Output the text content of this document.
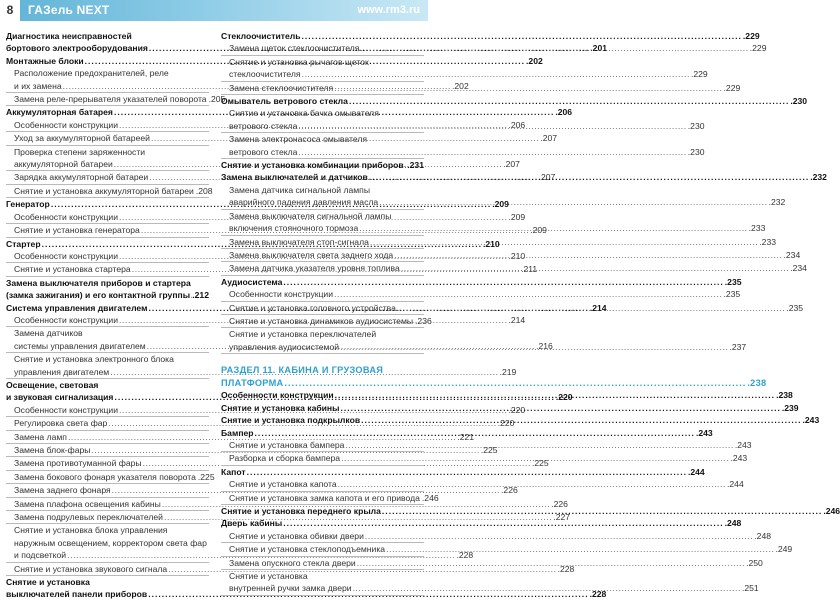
8	ГАЗель NEXT	www.rm3.ru
Диагностика неисправностей
бортового электрооборудования .....	.201
Монтажные блоки .....	.202
Расположение предохранителей, реле
и их замена .....	.202
Замена реле-прерывателя указателей поворота .205
Аккумуляторная батарея .....	.206
Особенности конструкции .....	.206
Уход за аккумуляторной батареей .....	.207
Проверка степени заряженности
аккумуляторной батареи .....	.207
Зарядка аккумуляторной батареи .....	.207
Снятие и установка аккумуляторной батареи .208
Генератор .....	.209
Особенности конструкции .....	.209
Снятие и установка генератора .....	.209
Стартер .....	.210
Особенности конструкции .....	.210
Снятие и установка стартера .....	.211
Замена выключателя приборов и стартера
(замка зажигания) и его контактной группы ..... .212
Система управления двигателем .....	.214
Особенности конструкции .....	.214
Замена датчиков
системы управления двигателем .....	.216
Снятие и установка электронного блока
управления двигателем .....	.219
Освещение, световая
и звуковая сигнализация .....	.220
Особенности конструкции .....	.220
Регулировка света фар .....	.220
Замена ламп .....	.221
Замена блок-фары .....	.225
Замена противотуманной фары .....	.225
Замена бокового фонаря указателя поворота .225
Замена заднего фонаря .....	.226
Замена плафона освещения кабины .....	.226
Замена подрулевых переключателей .....	.227
Снятие и установка блока управления
наружным освещением, корректором света фар
и подсветкой .....	.228
Снятие и установка звукового сигнала .....	.228
Снятие и установка
выключателей панели приборов .....	.228
Стеклоочиститель .....	.229
Замена щеток стеклоочистителя .....	.229
Снятие и установка рычагов щеток
стеклоочистителя .....	.229
Замена стеклоочистителя .....	.229
Омыватель ветрового стекла .....	.230
Снятие и установка бачка омывателя
ветрового стекла .....	.230
Замена электронасоса омывателя
ветрового стекла .....	.230
Снятие и установка комбинации приборов ..... .231
Замена выключателей и датчиков .....	.232
Замена датчика сигнальной лампы
аварийного падения давления масла .....	.232
Замена выключателя сигнальной лампы
включения стояночного тормоза .....	.233
Замена выключателя стоп-сигнала .....	.233
Замена выключателя света заднего хода .....	.234
Замена датчика указателя уровня топлива .....	.234
Аудиосистема .....	.235
Особенности конструкции .....	.235
Снятие и установка головного устройства .....	.235
Снятие и установка динамиков аудиосистемы .236
Снятие и установка переключателей
управления аудиосистемой .....	.237
РАЗДЕЛ 11. КАБИНА И ГРУЗОВАЯ
ПЛАТФОРМА .....	.238
Особенности конструкции .....	.238
Снятие и установка кабины .....	.239
Снятие и установка подкрылков .....	.243
Бампер .....	.243
Снятие и установка бампера .....	.243
Разборка и сборка бампера .....	.243
Капот .....	.244
Снятие и установка капота .....	.244
Снятие и установка замка капота и его привода .246
Снятие и установка переднего крыла .....	.246
Дверь кабины .....	.248
Снятие и установка обивки двери .....	.248
Снятие и установка стеклоподъемника .....	.249
Замена опускного стекла двери .....	.250
Снятие и установка
внутренней ручки замка двери .....	.251
